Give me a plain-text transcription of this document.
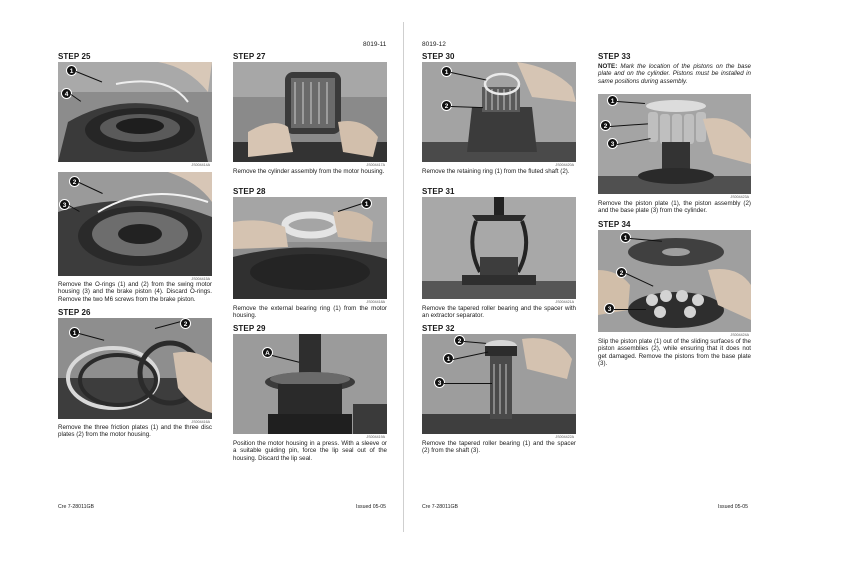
8019-11
STEP 25
1
4
JS004414A
2
3
JS004415A
Remove the O-rings (1) and (2) from the swing motor housing (3) and the brake piston (4). Discard O-rings. Remove the two M6 screws from the brake piston.
STEP 26
1
2
JS004416A
Remove the three friction plates (1) and the three disc plates (2) from the motor housing.
STEP 27
JS004417A
Remove the cylinder assembly from the motor housing.
STEP 28
1
JS004418A
Remove the external bearing ring (1) from the motor housing.
STEP 29
A
JS004419A
Position the motor housing in a press. With a sleeve or a suitable guiding pin, force the lip seal out of the housing. Discard the lip seal.
Cre 7-28011GB	Issued 05-05
8019-12
STEP 30
1
2
JS004420A
Remove the retaining ring (1) from the fluted shaft (2).
STEP 31
JS004421A
Remove the tapered roller bearing and the spacer with an extractor separator.
STEP 32
2
1
3
JS004422A
Remove the tapered roller bearing (1) and the spacer (2) from the shaft (3).
STEP 33
NOTE: Mark the location of the pistons on the base plate and on the cylinder. Pistons must be installed in same positions during assembly.
1
2
3
JS004423A
Remove the piston plate (1), the piston assembly (2) and the base plate (3) from the cylinder.
STEP 34
1
2
3
JS004424A
Slip the piston plate (1) out of the sliding surfaces of the piston assemblies (2), while ensuring that it does not get damaged. Remove the pistons from the base plate (3).
Cre 7-28011GB	Issued 05-05
